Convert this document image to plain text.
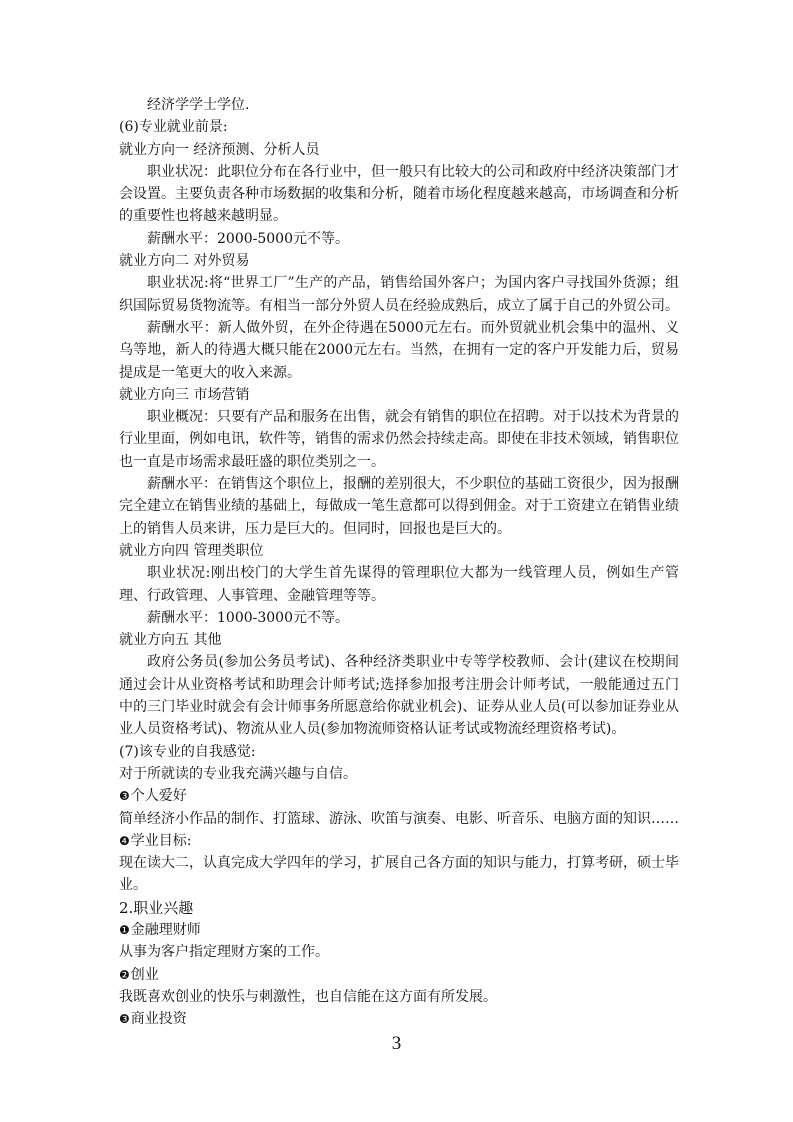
经济学学士学位.
(6)专业就业前景:
就业方向一 经济预测、分析人员
职业状况：此职位分布在各行业中，但一般只有比较大的公司和政府中经济决策部门才会设置。主要负责各种市场数据的收集和分析，随着市场化程度越来越高，市场调查和分析的重要性也将越来越明显。
薪酬水平：2000-5000元不等。
就业方向二 对外贸易
职业状况:将“世界工厂”生产的产品，销售给国外客户；为国内客户寻找国外货源；组织国际贸易货物流等。有相当一部分外贸人员在经验成熟后，成立了属于自己的外贸公司。
薪酬水平：新人做外贸，在外企待遇在5000元左右。而外贸就业机会集中的温州、义乌等地，新人的待遇大概只能在2000元左右。当然，在拥有一定的客户开发能力后，贸易提成是一笔更大的收入来源。
就业方向三 市场营销
职业概况：只要有产品和服务在出售，就会有销售的职位在招聘。对于以技术为背景的行业里面，例如电讯，软件等，销售的需求仍然会持续走高。即使在非技术领域，销售职位也一直是市场需求最旺盛的职位类别之一。
薪酬水平：在销售这个职位上，报酬的差别很大，不少职位的基础工资很少，因为报酬完全建立在销售业绩的基础上，每做成一笔生意都可以得到佣金。对于工资建立在销售业绩上的销售人员来讲，压力是巨大的。但同时，回报也是巨大的。
就业方向四 管理类职位
职业状况:刚出校门的大学生首先谋得的管理职位大都为一线管理人员，例如生产管理、行政管理、人事管理、金融管理等等。
薪酬水平：1000-3000元不等。
就业方向五 其他
政府公务员(参加公务员考试)、各种经济类职业中专等学校教师、会计(建议在校期间通过会计从业资格考试和助理会计师考试;选择参加报考注册会计师考试，一般能通过五门中的三门毕业时就会有会计师事务所愿意给你就业机会)、证券从业人员(可以参加证券业从业人员资格考试)、物流从业人员(参加物流师资格认证考试或物流经理资格考试)。
(7)该专业的自我感觉:
对于所就读的专业我充满兴趣与自信。
❸个人爱好
简单经济小作品的制作、打篮球、游泳、吹笛与演奏、电影、听音乐、电脑方面的知识……
❹学业目标:
现在读大二，认真完成大学四年的学习，扩展自己各方面的知识与能力，打算考研，硕士毕业。
2.职业兴趣
❶金融理财师
从事为客户指定理财方案的工作。
❷创业
我既喜欢创业的快乐与刺激性，也自信能在这方面有所发展。
❸商业投资
3
